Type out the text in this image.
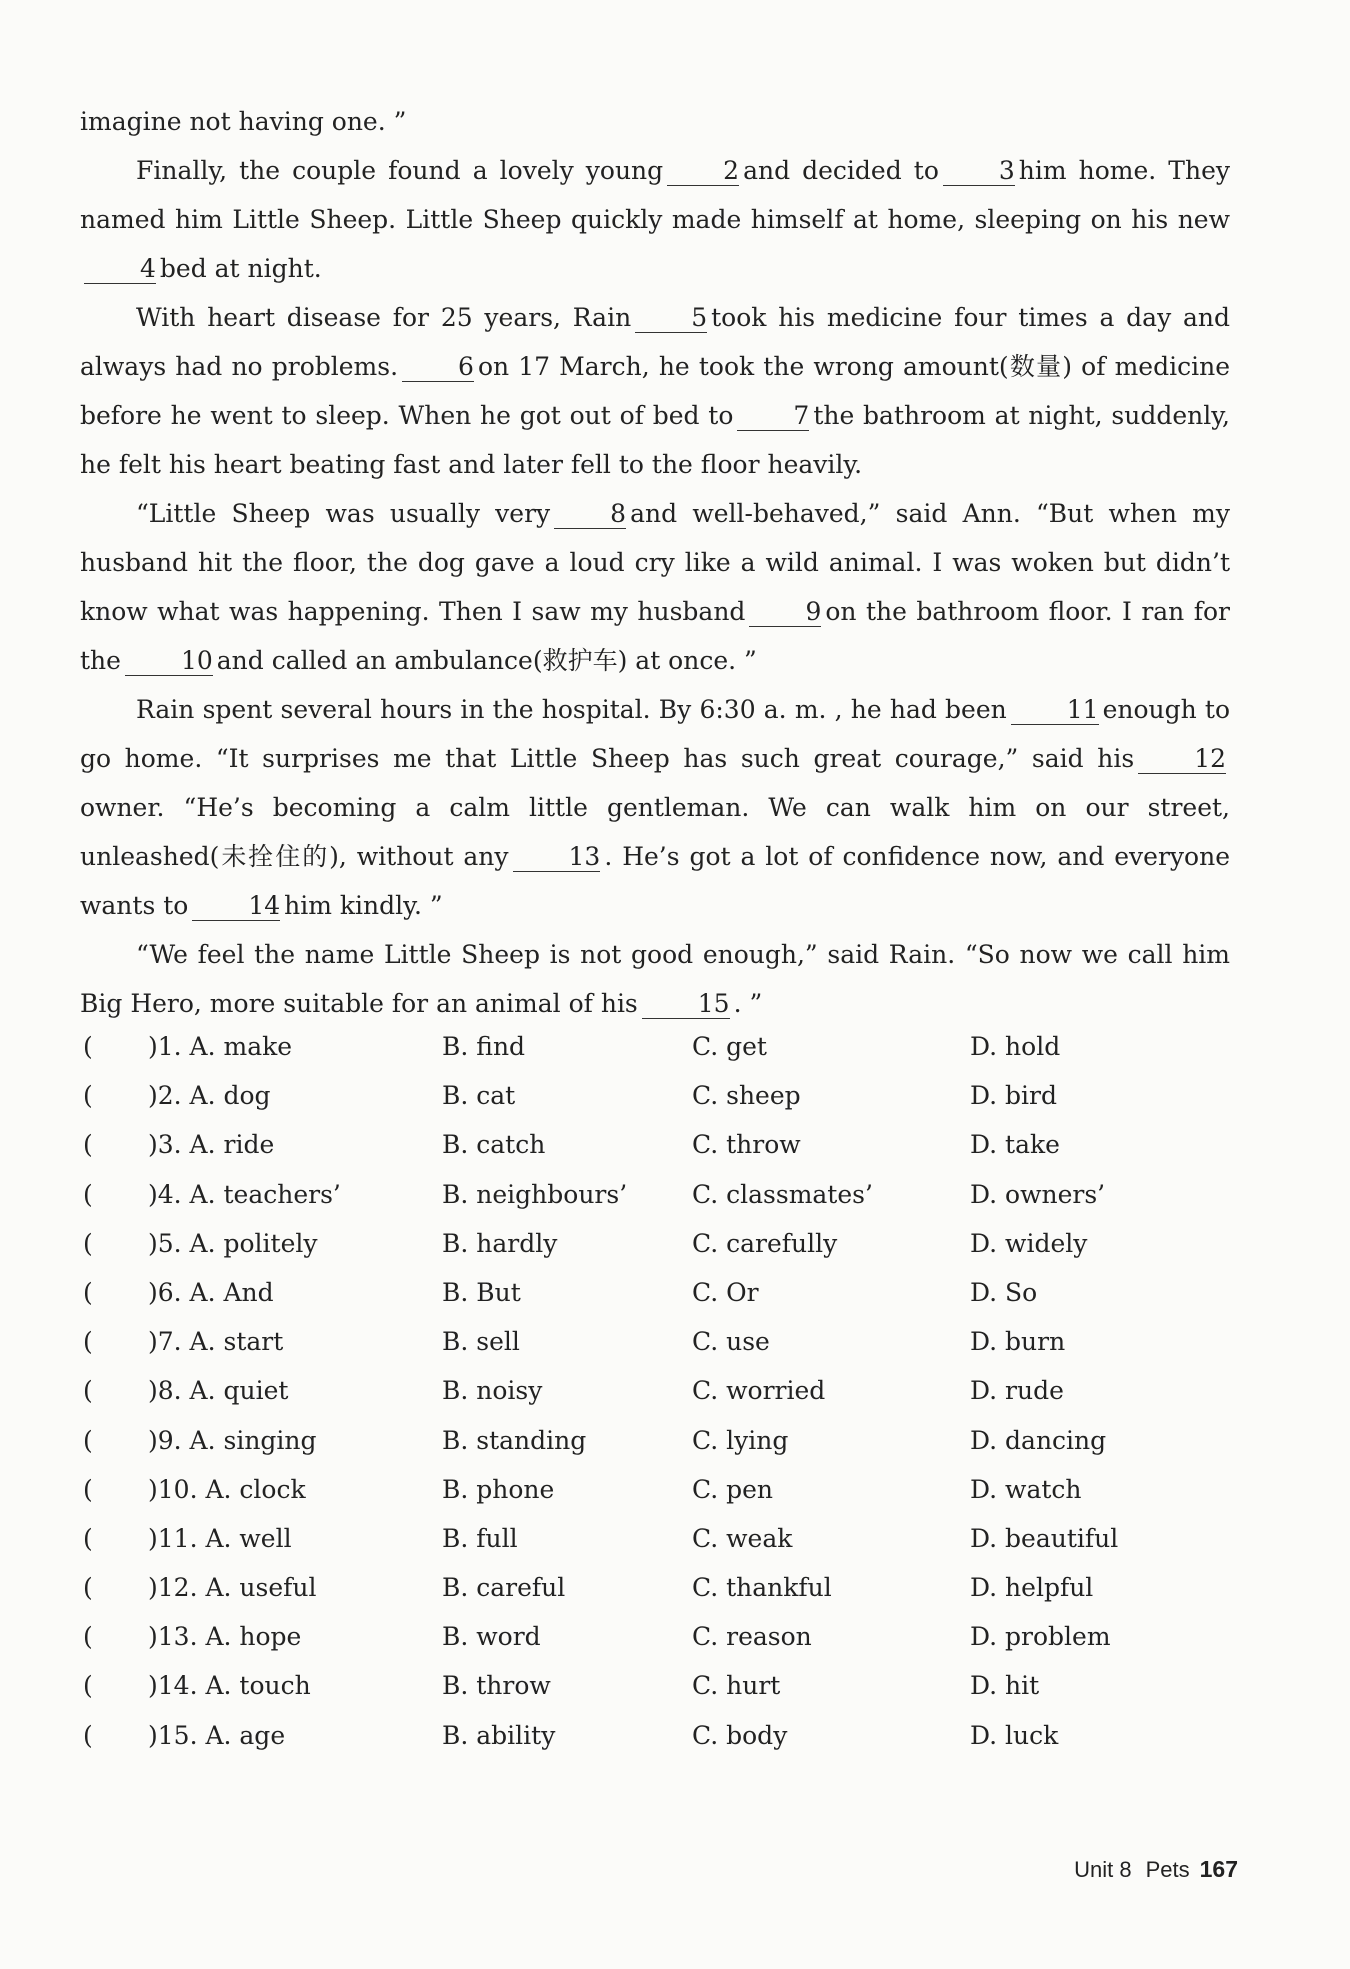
imagine not having one. ”

Finally, the couple found a lovely young 2 and decided to 3 him home. They named him Little Sheep. Little Sheep quickly made himself at home, sleeping on his new4 bed at night.

With heart disease for 25 years, Rain 5 took his medicine four times a day and always had no problems. 6 on 17 March, he took the wrong amount(数量) of medicine before he went to sleep. When he got out of bed to 7 the bathroom at night, suddenly, he felt his heart beating fast and later fell to the floor heavily.

“Little Sheep was usually very 8 and well-behaved,” said Ann. “But when my husband hit the floor, the dog gave a loud cry like a wild animal. I was woken but didn’t know what was happening. Then I saw my husband 9 on the bathroom floor. I ran for the 10 and called an ambulance(救护车) at once. ”

Rain spent several hours in the hospital. By 6:30 a. m. , he had been 11 enough to go home. “It surprises me that Little Sheep has such great courage,” said his 12owner. “He’s becoming a calm little gentleman. We can walk him on our street, unleashed(未拴住的), without any 13 . He’s got a lot of confidence now, and everyone wants to 14 him kindly. ”

“We feel the name Little Sheep is not good enough,” said Rain. “So now we call him Big Hero, more suitable for an animal of his 15 . ”

( )1. A. make	B. find	C. get	D. hold
( )2. A. dog	B. cat	C. sheep	D. bird
( )3. A. ride	B. catch	C. throw	D. take
( )4. A. teachers’	B. neighbours’	C. classmates’	D. owners’
( )5. A. politely	B. hardly	C. carefully	D. widely
( )6. A. And	B. But	C. Or	D. So
( )7. A. start	B. sell	C. use	D. burn
( )8. A. quiet	B. noisy	C. worried	D. rude
( )9. A. singing	B. standing	C. lying	D. dancing
( )10. A. clock	B. phone	C. pen	D. watch
( )11. A. well	B. full	C. weak	D. beautiful
( )12. A. useful	B. careful	C. thankful	D. helpful
( )13. A. hope	B. word	C. reason	D. problem
( )14. A. touch	B. throw	C. hurt	D. hit
( )15. A. age	B. ability	C. body	D. luck
Unit 8 Pets 167
